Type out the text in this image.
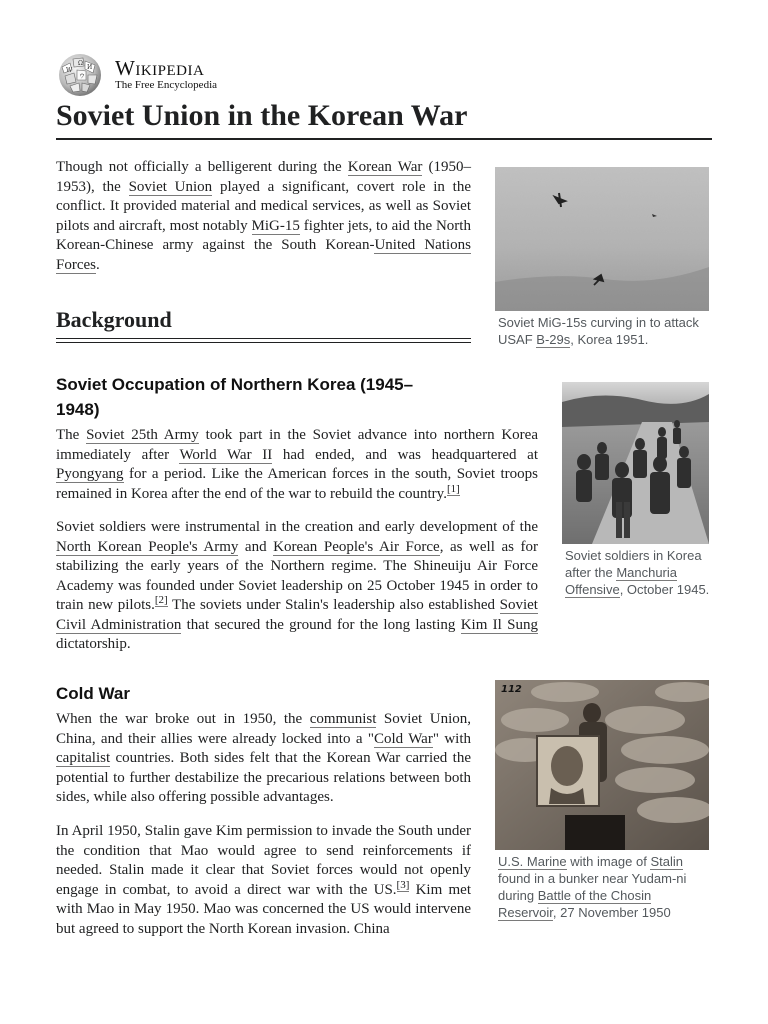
W
Ω
И
ウ Wikipedia
The Free Encyclopedia
Soviet Union in the Korean War

Though not officially a belligerent during the Korean War (1950–1953), the Soviet Union played a significant, covert role in the conflict. It provided material and medical services, as well as Soviet pilots and aircraft, most notably MiG-15 fighter jets, to aid the North Korean-Chinese army against the South Korean-United Nations Forces.

Soviet MiG-15s curving in to attack USAF B-29s, Korea 1951.
Background
Soviet Occupation of Northern Korea (1945–1948)

The Soviet 25th Army took part in the Soviet advance into northern Korea immediately after World War II had ended, and was headquartered at Pyongyang for a period. Like the American forces in the south, Soviet troops remained in Korea after the end of the war to rebuild the country.[1]

Soviet soldiers were instrumental in the creation and early development of the North Korean People's Army and Korean People's Air Force, as well as for stabilizing the early years of the Northern regime. The Shineuiju Air Force Academy was founded under Soviet leadership on 25 October 1945 in order to train new pilots.[2] The soviets under Stalin's leadership also established Soviet Civil Administration that secured the ground for the long lasting Kim Il Sung dictatorship.

Soviet soldiers in Korea after the Manchuria Offensive, October 1945.
Cold War

When the war broke out in 1950, the communist Soviet Union, China, and their allies were already locked into a "Cold War" with capitalist countries. Both sides felt that the Korean War carried the potential to further destabilize the precarious relations between both sides, while also offering possible advantages.

In April 1950, Stalin gave Kim permission to invade the South under the condition that Mao would agree to send reinforcements if needed. Stalin made it clear that Soviet forces would not openly engage in combat, to avoid a direct war with the US.[3] Kim met with Mao in May 1950. Mao was concerned the US would intervene but agreed to support the North Korean invasion. China

112
U.S. Marine with image of Stalin found in a bunker near Yudam-ni during Battle of the Chosin Reservoir, 27 November 1950
